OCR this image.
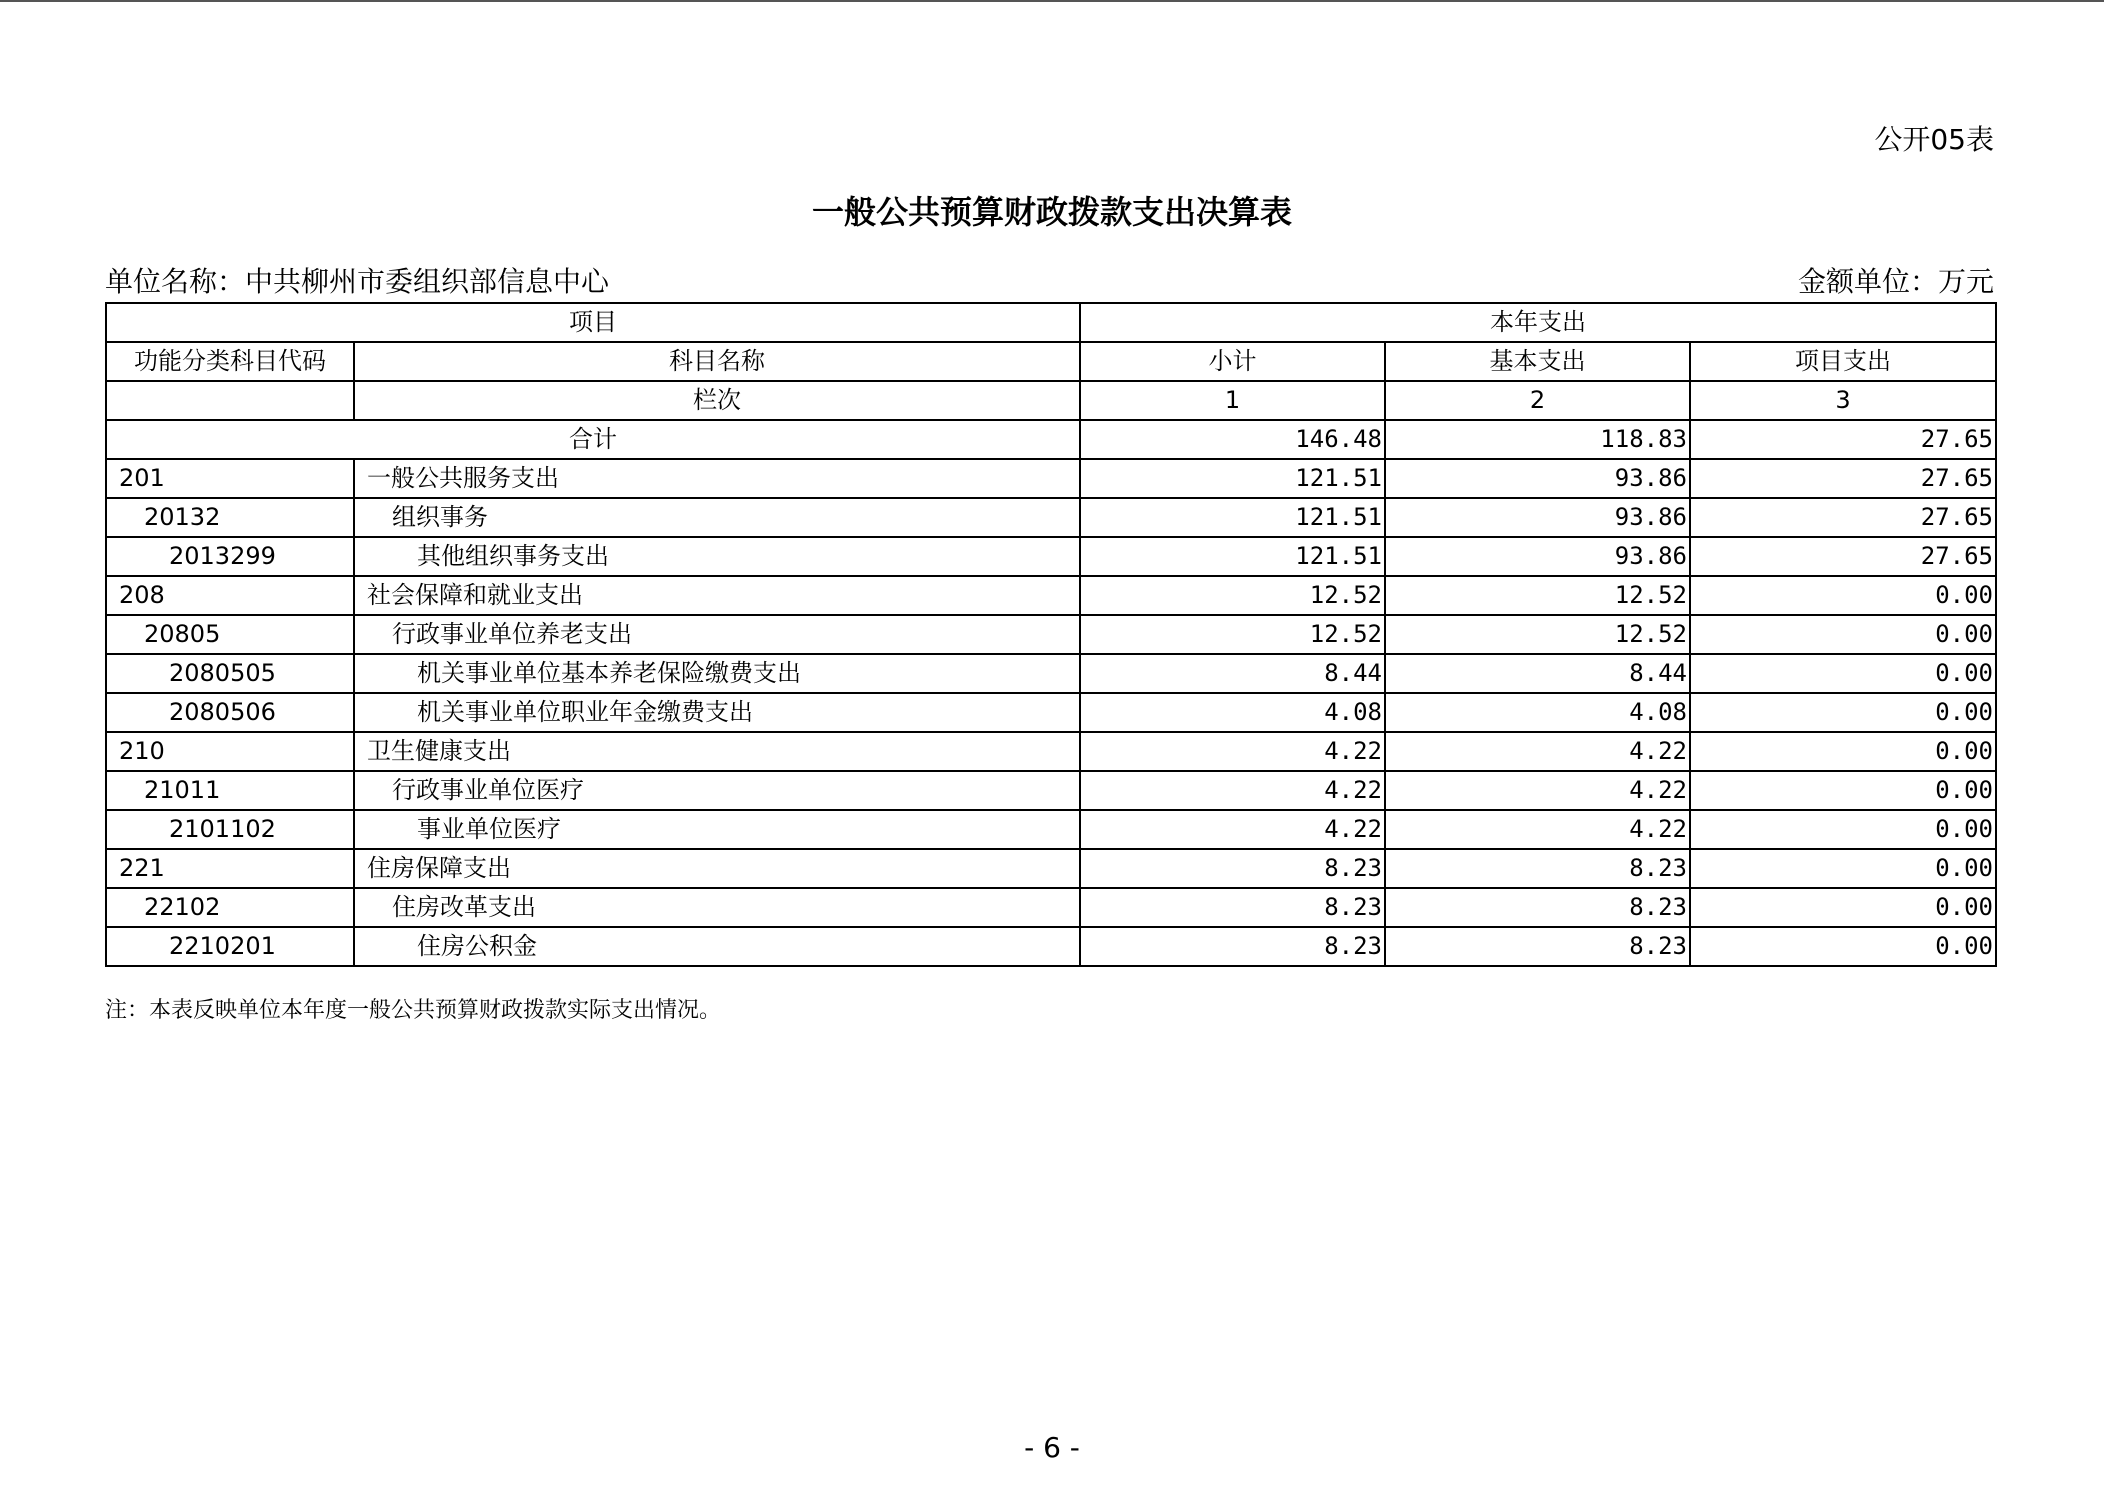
公开05表
一般公共预算财政拨款支出决算表
单位名称：中共柳州市委组织部信息中心	金额单位：万元
项目		本年支出		
功能分类科目代码	科目名称	小计	基本支出	项目支出
	栏次	1	2	3
合计		146.48	118.83	27.65
201	一般公共服务支出	121.51	93.86	27.65
20132	组织事务	121.51	93.86	27.65
2013299	其他组织事务支出	121.51	93.86	27.65
208	社会保障和就业支出	12.52	12.52	0.00
20805	行政事业单位养老支出	12.52	12.52	0.00
2080505	机关事业单位基本养老保险缴费支出	8.44	8.44	0.00
2080506	机关事业单位职业年金缴费支出	4.08	4.08	0.00
210	卫生健康支出	4.22	4.22	0.00
21011	行政事业单位医疗	4.22	4.22	0.00
2101102	事业单位医疗	4.22	4.22	0.00
221	住房保障支出	8.23	8.23	0.00
22102	住房改革支出	8.23	8.23	0.00
2210201	住房公积金	8.23	8.23	0.00
注：本表反映单位本年度一般公共预算财政拨款实际支出情况。
- 6 -
